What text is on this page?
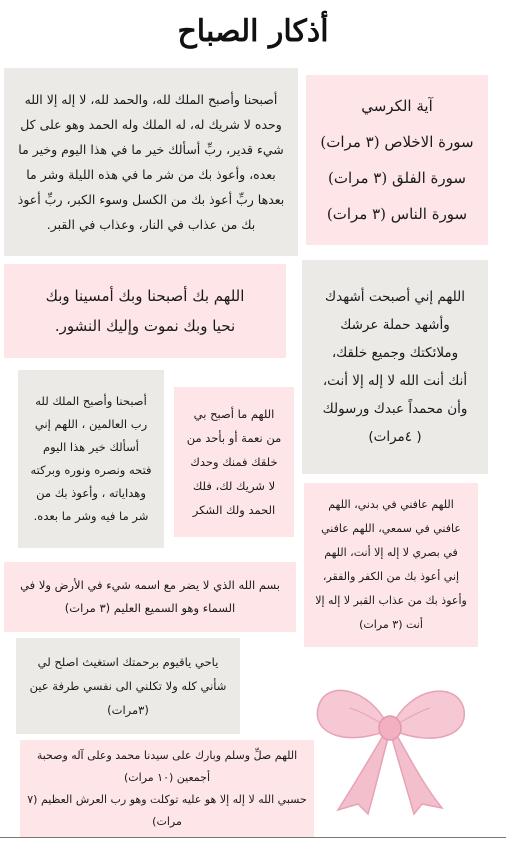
أذكار الصباح
آية الكرسي
سورة الاخلاص (٣ مرات)
سورة الفلق (٣ مرات)
سورة الناس (٣ مرات)
أصبحنا وأصبح الملك لله، والحمد لله، لا إله إلا الله
وحده لا شريك له، له الملك وله الحمد وهو على كل
شيء قدير، ربِّ أسألك خير ما في هذا اليوم وخير ما
بعده، وأعوذ بك من شر ما في هذه الليلة وشر ما
بعدها ربِّ أعوذ بك من الكسل وسوء الكبر، ربِّ أعوذ
بك من عذاب في النار، وعذاب في القبر.
اللهم بك أصبحنا وبك أمسينا وبك
نحيا وبك نموت وإليك النشور.
اللهم إني أصبحت أشهدك
وأشهد حملة عرشك
وملائكتك وجميع خلقك،
أنك أنت الله لا إله إلا أنت،
وأن محمداً عبدك ورسولك
( ٤مرات)
أصبحنا وأصبح الملك لله
رب العالمين ، اللهم إني
أسألك خير هذا اليوم
فتحه ونصره ونوره وبركته
وهداياته ، وأعوذ بك من
شر ما فيه وشر ما بعده.
اللهم ما أصبح بي
من نعمة أو بأحد من
خلقك فمنك وحدك
لا شريك لك، فلك
الحمد ولك الشكر	اللهم عافني في بدني، اللهم
عافني في سمعي، اللهم عافني
في بصري لا إله إلا أنت، اللهم
إني أعوذ بك من الكفر والفقر،
وأعوذ بك من عذاب القبر لا إله إلا
أنت (٣ مرات)
بسم الله الذي لا يضر مع اسمه شيء في الأرض ولا في
السماء وهو السميع العليم (٣ مرات)
ياحي ياقيوم برحمتك استغيث اصلح لي
شأني كله ولا تكلني الى نفسي طرفة عين
(٣مرات)
اللهم صلِّ وسلم وبارك على سيدنا محمد وعلى آله وصحبة
أجمعين (١٠ مرات)
حسبي الله لا إله إلا هو عليه توكلت وهو رب العرش العظيم (٧
مرات)
